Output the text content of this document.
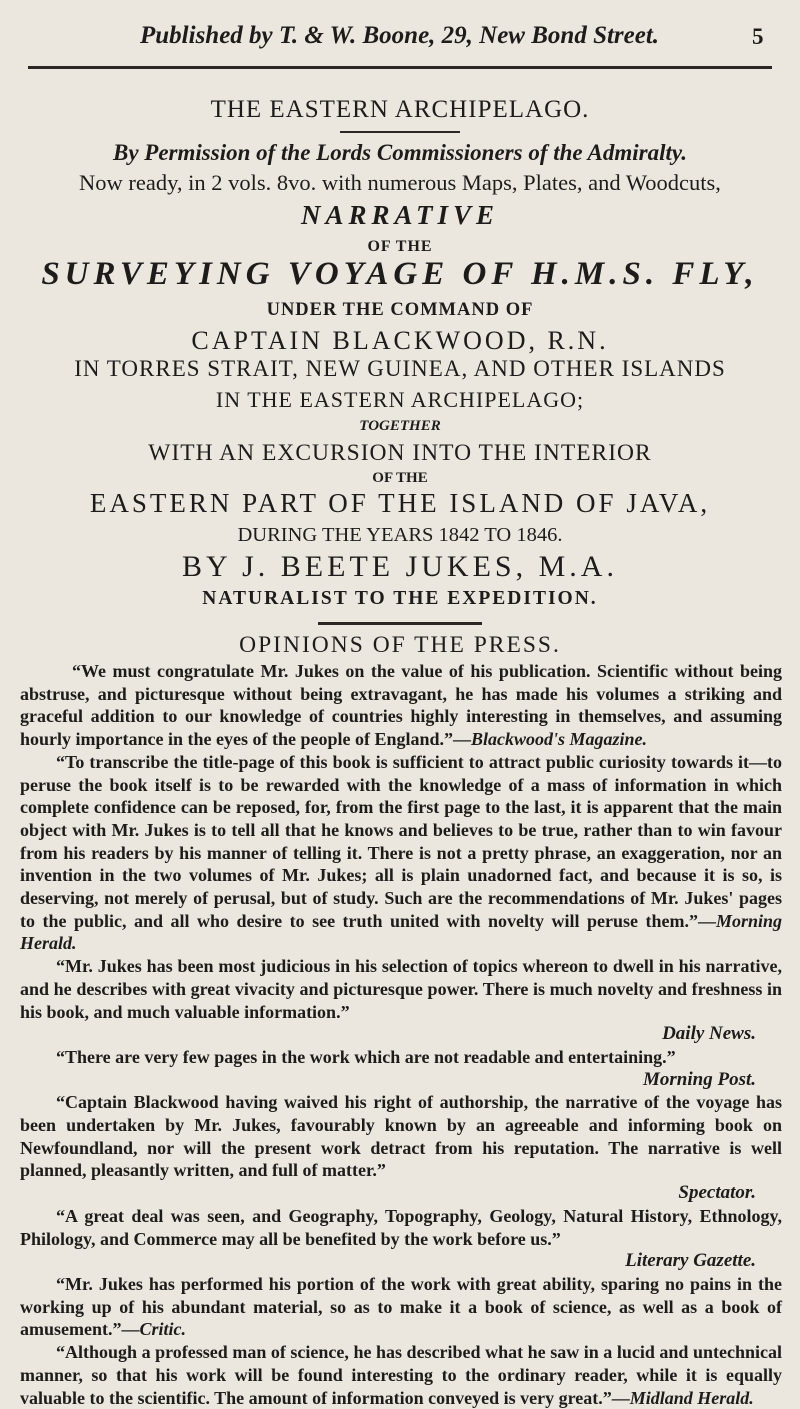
Published by T. & W. Boone, 29, New Bond Street.	5
THE EASTERN ARCHIPELAGO.
By Permission of the Lords Commissioners of the Admiralty.
Now ready, in 2 vols. 8vo. with numerous Maps, Plates, and Woodcuts,
NARRATIVE
OF THE
SURVEYING VOYAGE OF H.M.S. FLY,
UNDER THE COMMAND OF
CAPTAIN BLACKWOOD, R.N.
IN TORRES STRAIT, NEW GUINEA, AND OTHER ISLANDS
IN THE EASTERN ARCHIPELAGO;
TOGETHER
WITH AN EXCURSION INTO THE INTERIOR
OF THE
EASTERN PART OF THE ISLAND OF JAVA,
DURING THE YEARS 1842 TO 1846.
BY J. BEETE JUKES, M.A.
NATURALIST TO THE EXPEDITION.
OPINIONS OF THE PRESS.

“We must congratulate Mr. Jukes on the value of his publication. Scientific without being abstruse, and picturesque without being extravagant, he has made his volumes a striking and graceful addition to our knowledge of countries highly interesting in themselves, and assuming hourly importance in the eyes of the people of England.”—Blackwood's Magazine.

“To transcribe the title-page of this book is sufficient to attract public curiosity towards it—to peruse the book itself is to be rewarded with the knowledge of a mass of information in which complete confidence can be reposed, for, from the first page to the last, it is apparent that the main object with Mr. Jukes is to tell all that he knows and believes to be true, rather than to win favour from his readers by his manner of telling it. There is not a pretty phrase, an exaggeration, nor an invention in the two volumes of Mr. Jukes; all is plain unadorned fact, and because it is so, is deserving, not merely of perusal, but of study. Such are the recommendations of Mr. Jukes' pages to the public, and all who desire to see truth united with novelty will peruse them.”—Morning Herald.

“Mr. Jukes has been most judicious in his selection of topics whereon to dwell in his narrative, and he describes with great vivacity and picturesque power. There is much novelty and freshness in his book, and much valuable information.”
Daily News.

“There are very few pages in the work which are not readable and entertaining.”
Morning Post.

“Captain Blackwood having waived his right of authorship, the narrative of the voyage has been undertaken by Mr. Jukes, favourably known by an agreeable and informing book on Newfoundland, nor will the present work detract from his reputation. The narrative is well planned, pleasantly written, and full of matter.”
Spectator.

“A great deal was seen, and Geography, Topography, Geology, Natural History, Ethnology, Philology, and Commerce may all be benefited by the work before us.”
Literary Gazette.

“Mr. Jukes has performed his portion of the work with great ability, sparing no pains in the working up of his abundant material, so as to make it a book of science, as well as a book of amusement.”—Critic.

“Although a professed man of science, he has described what he saw in a lucid and untechnical manner, so that his work will be found interesting to the ordinary reader, while it is equally valuable to the scientific. The amount of information conveyed is very great.”—Midland Herald.
